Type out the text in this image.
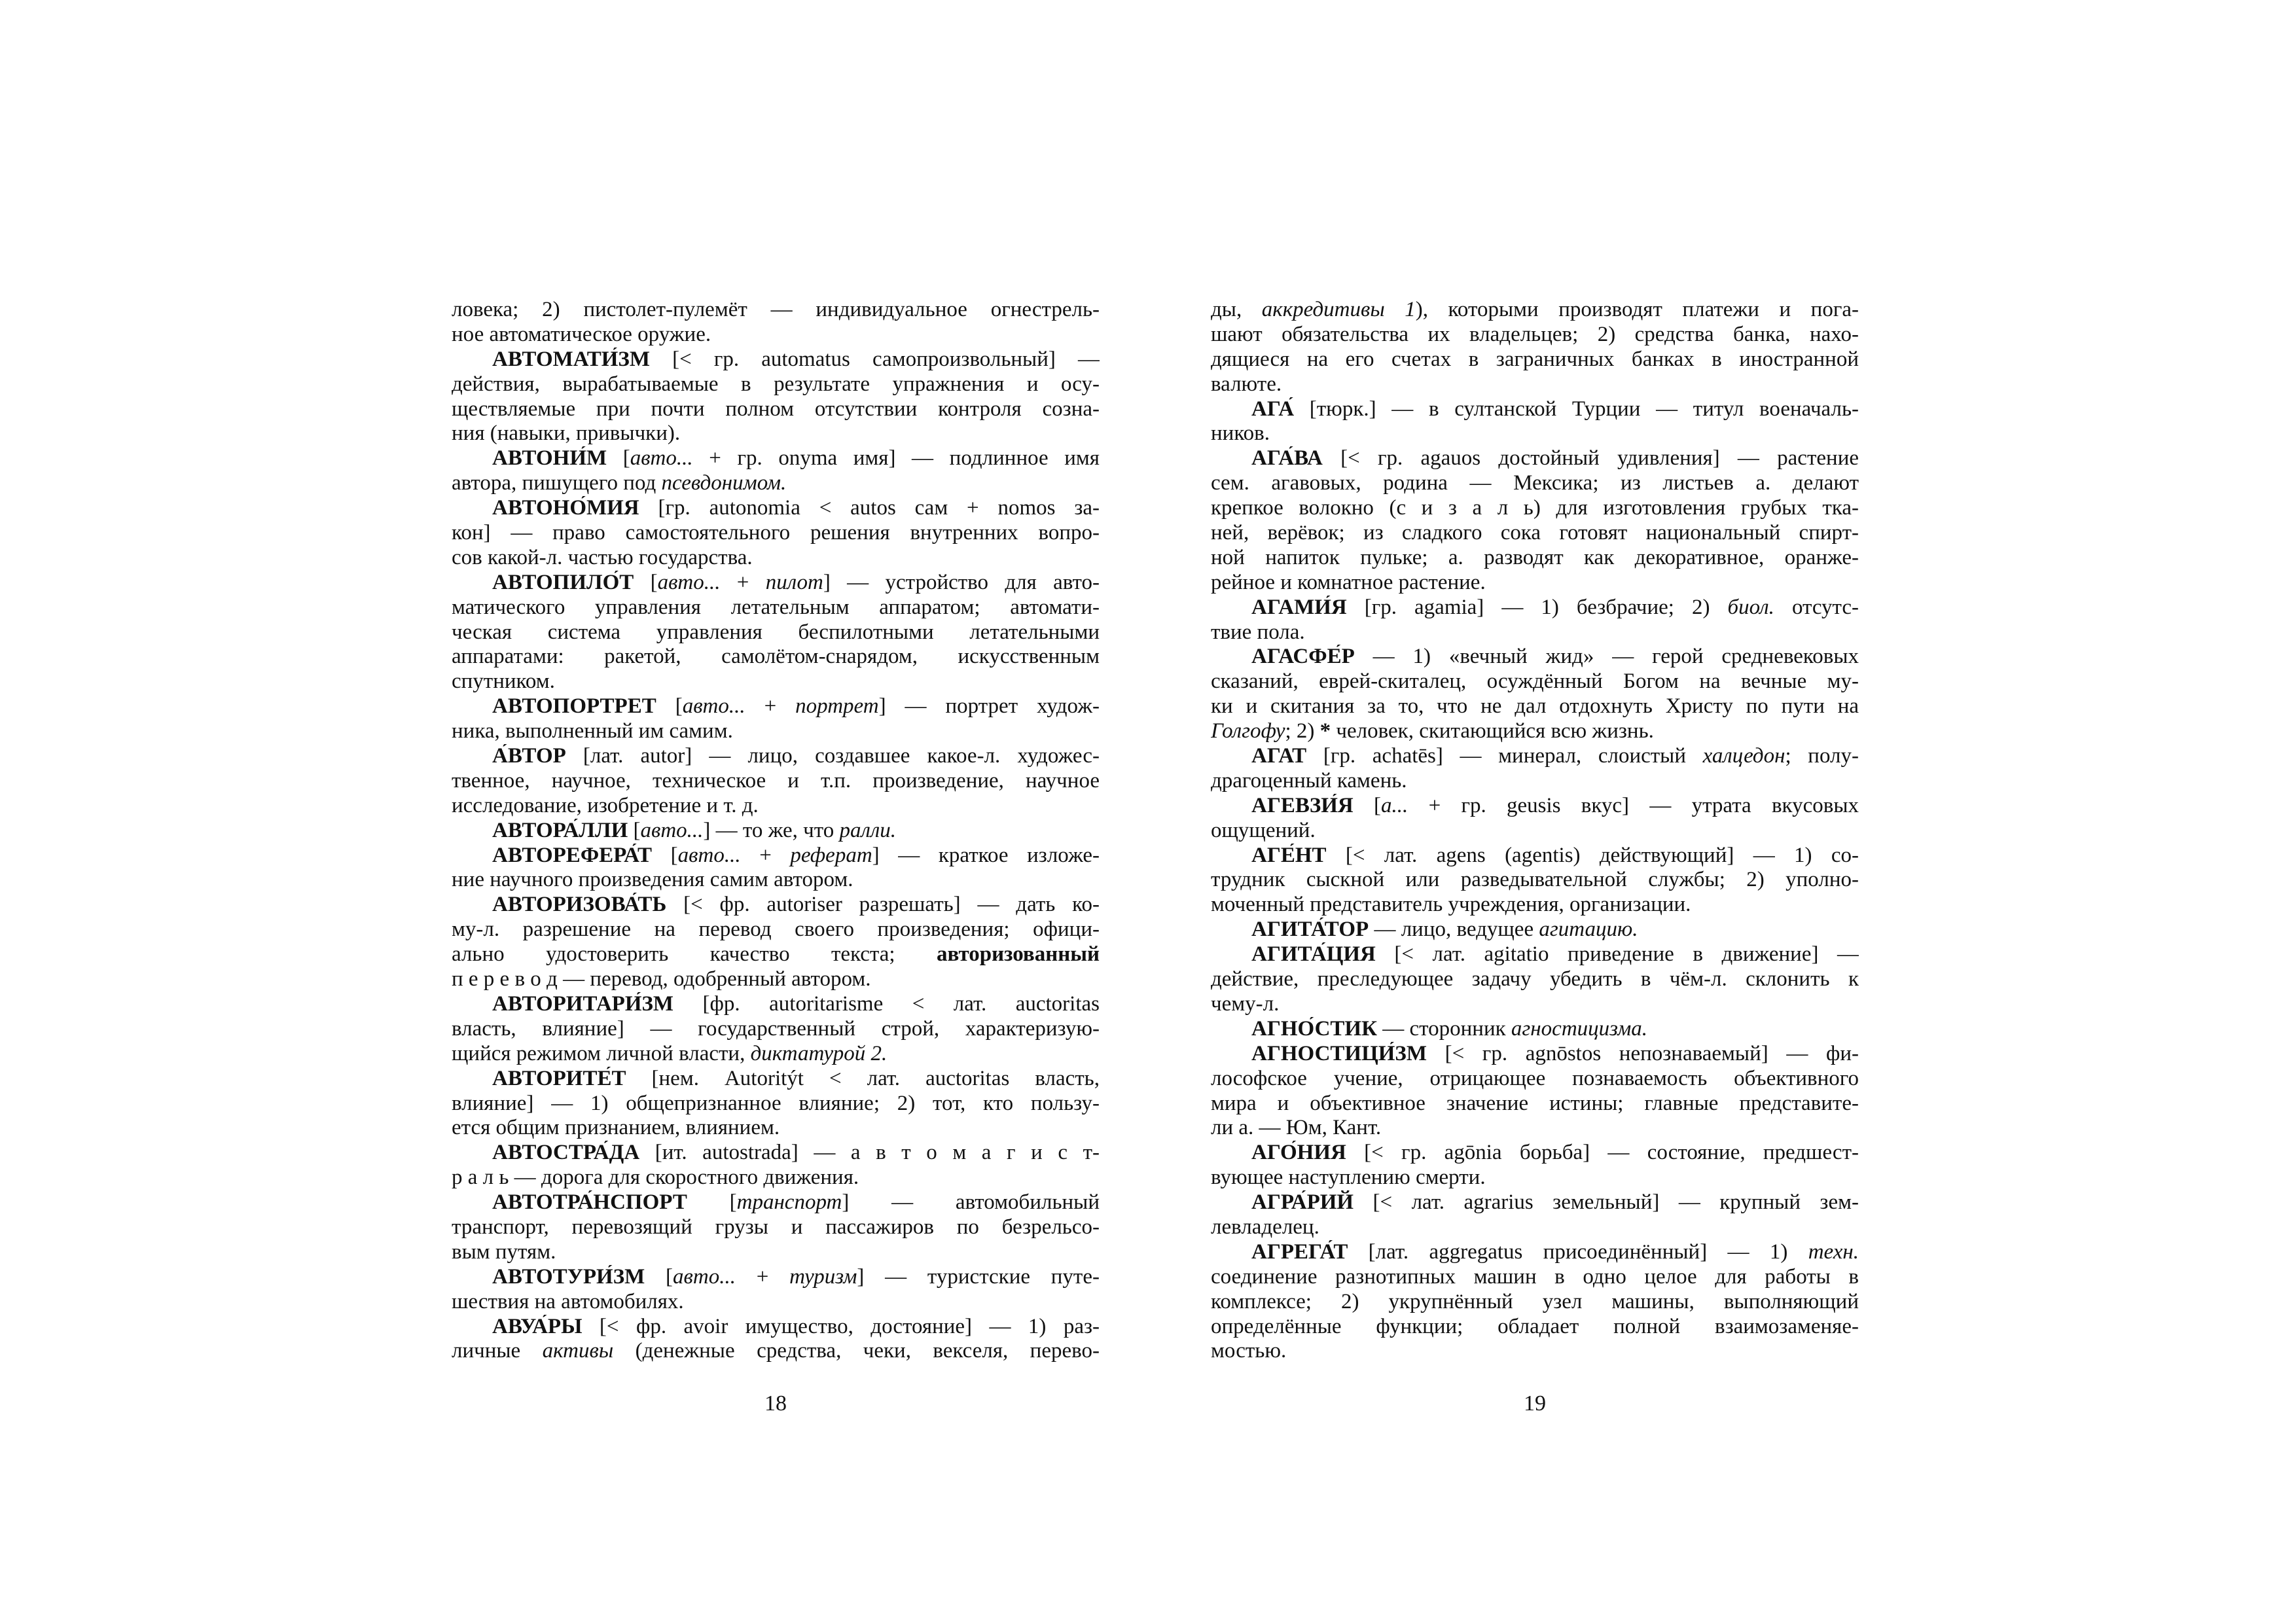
ловека; 2) пистолет-пулемёт — индивидуальное огнестрель-
ное автоматическое оружие.
АВТОМАТИ́ЗМ [< гр. automatus самопроизвольный] —
действия, вырабатываемые в результате упражнения и осу-
ществляемые при почти полном отсутствии контроля созна-
ния (навыки, привычки).
АВТОНИ́М [авто... + гр. onyma имя] — подлинное имя
автора, пишущего под псевдонимом.
АВТОНО́МИЯ [гр. autonomia < autos сам + nomos за-
кон] — право самостоятельного решения внутренних вопро-
сов какой-л. частью государства.
АВТОПИЛО́Т [авто... + пилот] — устройство для авто-
матического управления летательным аппаратом; автомати-
ческая система управления беспилотными летательными
аппаратами: ракетой, самолётом-снарядом, искусственным
спутником.
АВТОПОРТРЕТ [авто... + портрет] — портрет худож-
ника, выполненный им самим.
А́ВТОР [лат. autor] — лицо, создавшее какое-л. художес-
твенное, научное, техническое и т.п. произведение, научное
исследование, изобретение и т. д.
АВТОРА́ЛЛИ [авто...] — то же, что ралли.
АВТОРЕФЕРА́Т [авто... + реферат] — краткое изложе-
ние научного произведения самим автором.
АВТОРИЗОВА́ТЬ [< фр. autoriser разрешать] — дать ко-
му-л. разрешение на перевод своего произведения; офици-
ально удостоверить качество текста; авторизованный
п е р е в о д — перевод, одобренный автором.
АВТОРИТАРИ́ЗМ [фр. autoritarisme < лат. auctoritas
власть, влияние] — государственный строй, характеризую-
щийся режимом личной власти, диктатурой 2.
АВТОРИТЕ́Т [нем. Autoritýt < лат. auctoritas власть,
влияние] — 1) общепризнанное влияние; 2) тот, кто пользу-
ется общим признанием, влиянием.
АВТОСТРА́ДА [ит. autostrada] — а в т о м а г и с т-
р а л ь — дорога для скоростного движения.
АВТОТРА́НСПОРТ [транспорт] — автомобильный
транспорт, перевозящий грузы и пассажиров по безрельсо-
вым путям.
АВТОТУРИ́ЗМ [авто... + туризм] — туристские путе-
шествия на автомобилях.
АВУА́РЫ [< фр. avoir имущество, достояние] — 1) раз-
личные активы (денежные средства, чеки, векселя, перево-
18
ды, аккредитивы 1), которыми производят платежи и пога-
шают обязательства их владельцев; 2) средства банка, нахо-
дящиеся на его счетах в заграничных банках в иностранной
валюте.
АГА́ [тюрк.] — в султанской Турции — титул военачаль-
ников.
АГА́ВА [< гр. agauos достойный удивления] — растение
сем. агавовых, родина — Мексика; из листьев а. делают
крепкое волокно (с и з а л ь) для изготовления грубых тка-
ней, верёвок; из сладкого сока готовят национальный спирт-
ной напиток пульке; а. разводят как декоративное, оранже-
рейное и комнатное растение.
АГАМИ́Я [гр. agamia] — 1) безбрачие; 2) биол. отсутс-
твие пола.
АГАСФЕ́Р — 1) «вечный жид» — герой средневековых
сказаний, еврей-скиталец, осуждённый Богом на вечные му-
ки и скитания за то, что не дал отдохнуть Христу по пути на
Голгофу; 2) * человек, скитающийся всю жизнь.
АГАТ [гр. achatēs] — минерал, слоистый халцедон; полу-
драгоценный камень.
АГЕВЗИ́Я [а... + гр. geusis вкус] — утрата вкусовых
ощущений.
АГЕ́НТ [< лат. agens (agentis) действующий] — 1) со-
трудник сыскной или разведывательной службы; 2) уполно-
моченный представитель учреждения, организации.
АГИТА́ТОР — лицо, ведущее агитацию.
АГИТА́ЦИЯ [< лат. agitatio приведение в движение] —
действие, преследующее задачу убедить в чём-л. склонить к
чему-л.
АГНО́СТИК — сторонник агностицизма.
АГНОСТИЦИ́ЗМ [< гр. agnōstos непознаваемый] — фи-
лософское учение, отрицающее познаваемость объективного
мира и объективное значение истины; главные представите-
ли а. — Юм, Кант.
АГО́НИЯ [< гр. agōnia борьба] — состояние, предшест-
вующее наступлению смерти.
АГРА́РИЙ [< лат. agrarius земельный] — крупный зем-
левладелец.
АГРЕГА́Т [лат. aggregatus присоединённый] — 1) техн.
соединение разнотипных машин в одно целое для работы в
комплексе; 2) укрупнённый узел машины, выполняющий
определённые функции; обладает полной взаимозаменяе-
мостью.
19
